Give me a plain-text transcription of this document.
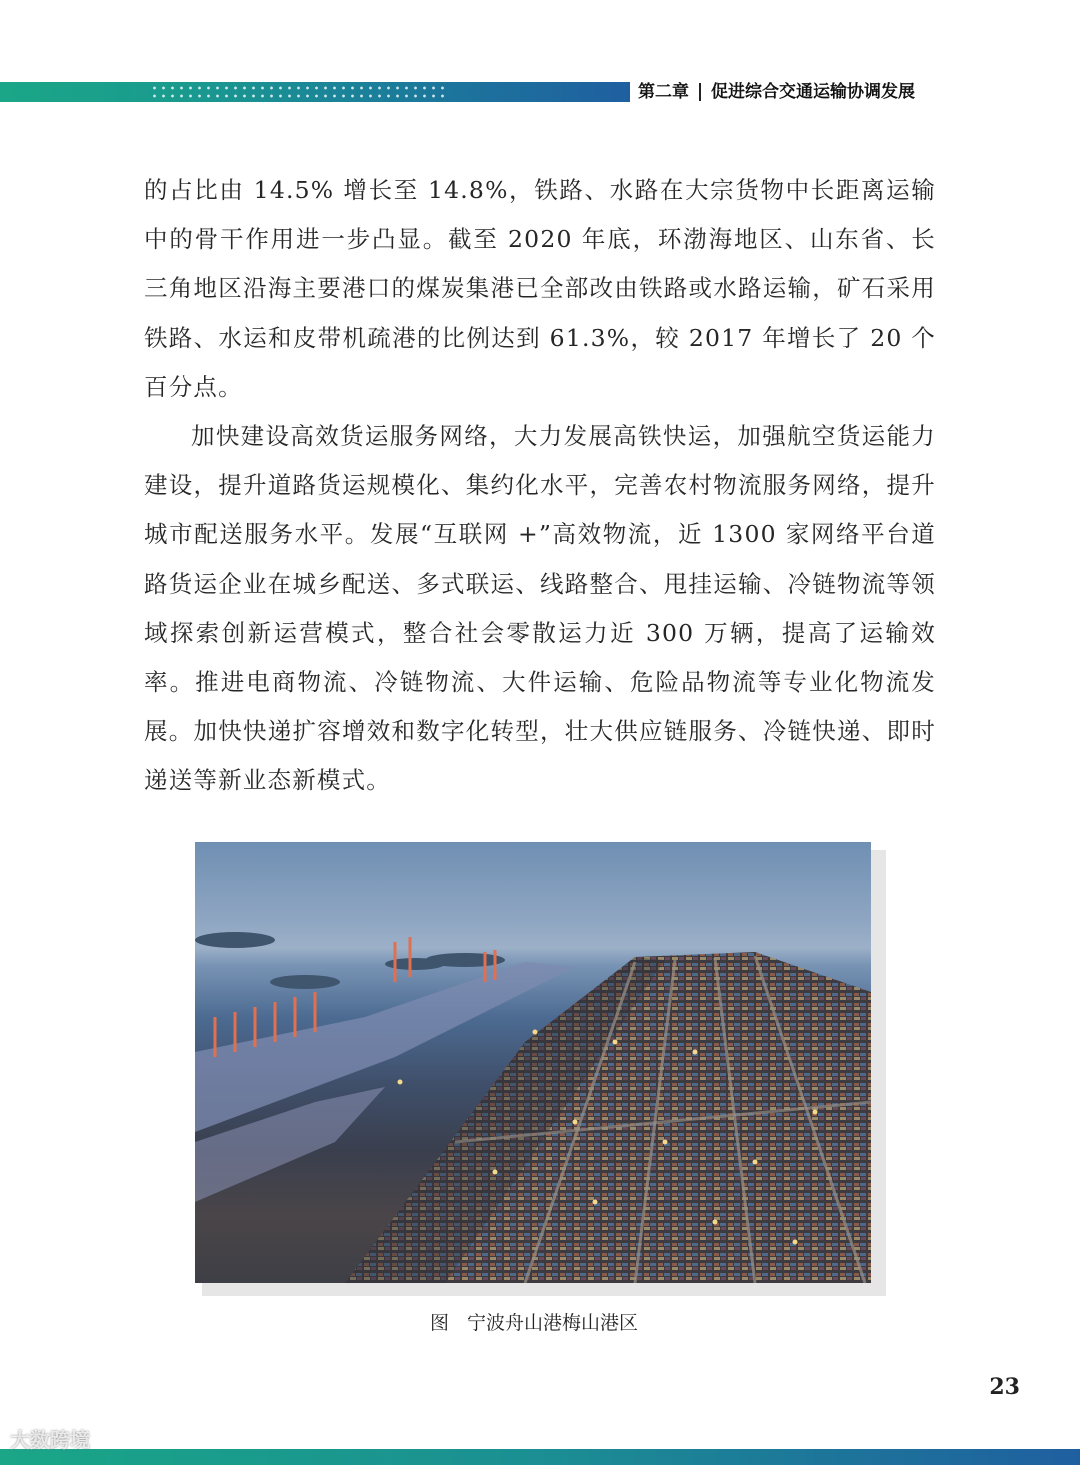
第二章 促进综合交通运输协调发展

的占比由 14.5% 增长至 14.8%，铁路、水路在大宗货物中长距离运输中的骨干作用进一步凸显。截至 2020 年底，环渤海地区、山东省、长三角地区沿海主要港口的煤炭集港已全部改由铁路或水路运输，矿石采用铁路、水运和皮带机疏港的比例达到 61.3%，较 2017 年增长了 20 个百分点。

加快建设高效货运服务网络，大力发展高铁快运，加强航空货运能力建设，提升道路货运规模化、集约化水平，完善农村物流服务网络，提升城市配送服务水平。发展“互联网 +”高效物流，近 1300 家网络平台道路货运企业在城乡配送、多式联运、线路整合、甩挂运输、冷链物流等领域探索创新运营模式，整合社会零散运力近 300 万辆，提高了运输效率。推进电商物流、冷链物流、大件运输、危险品物流等专业化物流发展。加快快递扩容增效和数字化转型，壮大供应链服务、冷链快递、即时递送等新业态新模式。

图 宁波舟山港梅山港区
23
大数跨境
